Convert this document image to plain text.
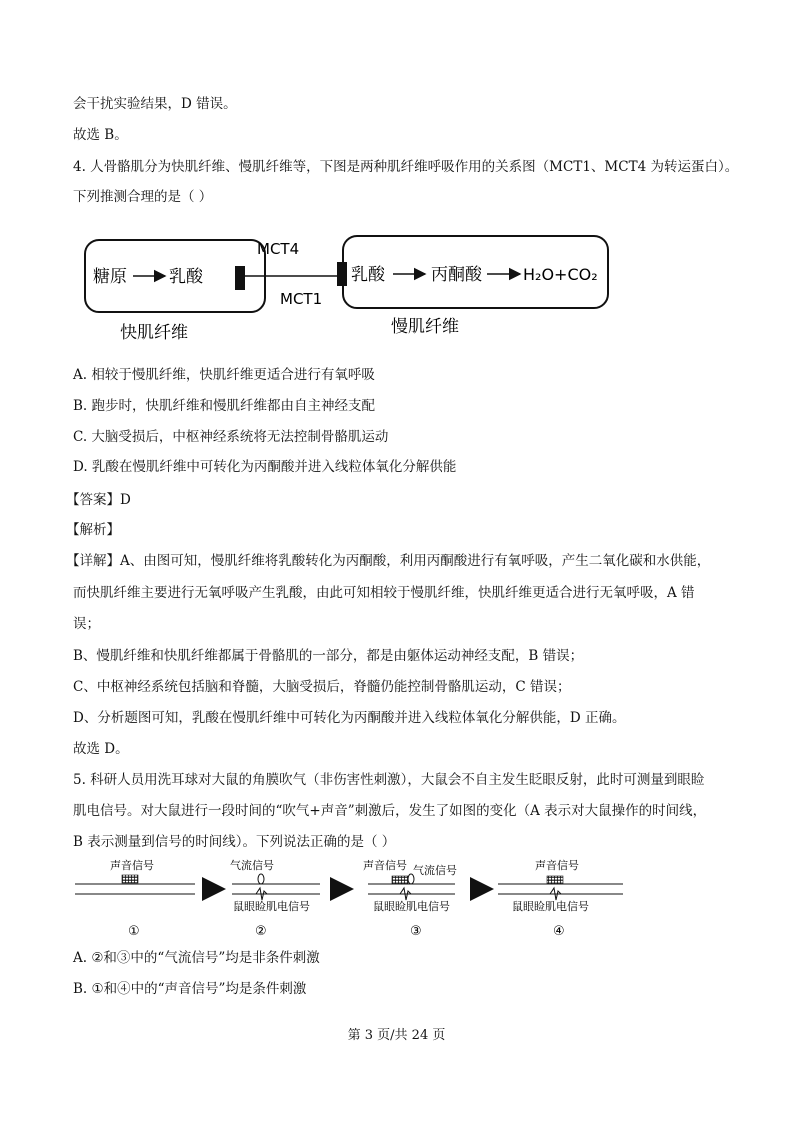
会干扰实验结果，D 错误。
故选 B。
4. 人骨骼肌分为快肌纤维、慢肌纤维等，下图是两种肌纤维呼吸作用的关系图（MCT1、MCT4 为转运蛋白）。
下列推测合理的是（ ）
糖原 乳酸	乳酸	丙酮酸	H₂O+CO₂
MCT4
MCT1
快肌纤维	慢肌纤维
A. 相较于慢肌纤维，快肌纤维更适合进行有氧呼吸
B. 跑步时，快肌纤维和慢肌纤维都由自主神经支配
C. 大脑受损后，中枢神经系统将无法控制骨骼肌运动
D. 乳酸在慢肌纤维中可转化为丙酮酸并进入线粒体氧化分解供能
【答案】D
【解析】
【详解】A、由图可知，慢肌纤维将乳酸转化为丙酮酸，利用丙酮酸进行有氧呼吸，产生二氧化碳和水供能，
而快肌纤维主要进行无氧呼吸产生乳酸，由此可知相较于慢肌纤维，快肌纤维更适合进行无氧呼吸，A 错
误；
B、慢肌纤维和快肌纤维都属于骨骼肌的一部分，都是由躯体运动神经支配，B 错误；
C、中枢神经系统包括脑和脊髓，大脑受损后，脊髓仍能控制骨骼肌运动，C 错误；
D、分析题图可知，乳酸在慢肌纤维中可转化为丙酮酸并进入线粒体氧化分解供能，D 正确。
故选 D。
5. 科研人员用洗耳球对大鼠的角膜吹气（非伤害性刺激），大鼠会不自主发生眨眼反射，此时可测量到眼睑
肌电信号。对大鼠进行一段时间的“吹气+声音”刺激后，发生了如图的变化（A 表示对大鼠操作的时间线，
B 表示测量到信号的时间线）。下列说法正确的是（ ）
声音信号
①
气流信号
鼠眼睑肌电信号
②
声音信号 气流信号
鼠眼睑肌电信号
③
声音信号
鼠眼睑肌电信号
④
A. ②和③中的“气流信号”均是非条件刺激
B. ①和④中的“声音信号”均是条件刺激
第 3 页/共 24 页
